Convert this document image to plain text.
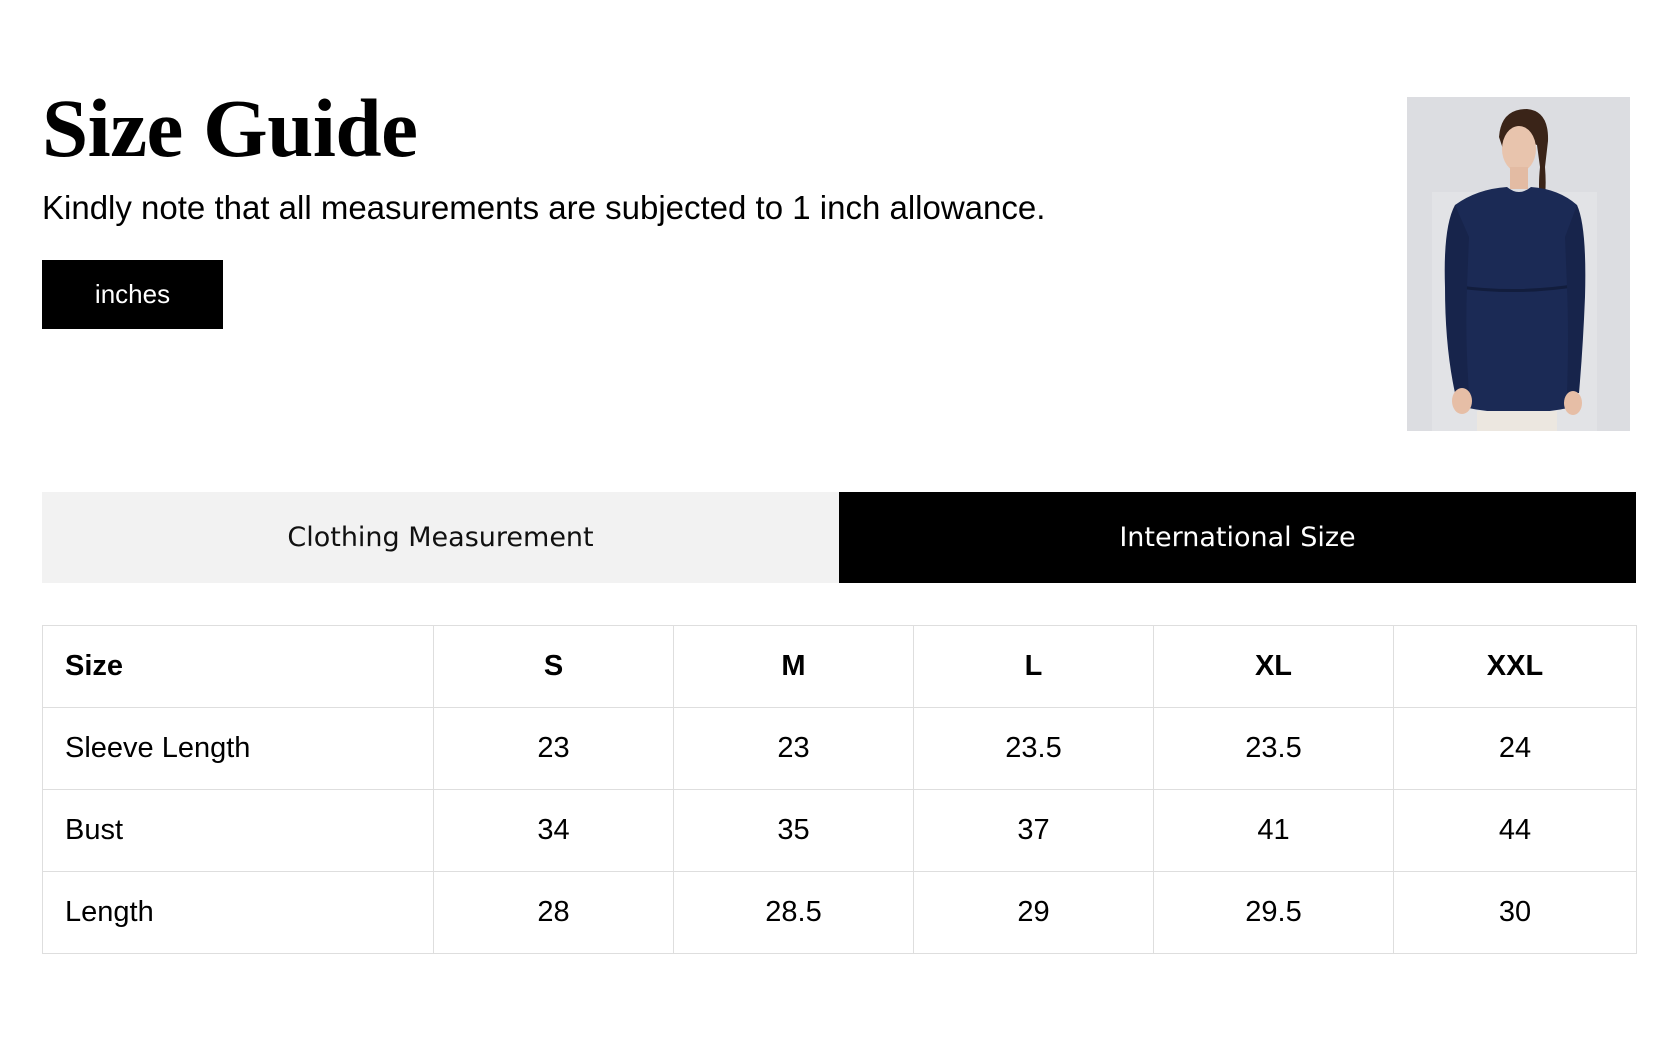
Size Guide
Kindly note that all measurements are subjected to 1 inch allowance.
inches
Clothing Measurement	International Size
Size	S	M	L	XL	XXL
Sleeve Length	23	23	23.5	23.5	24
Bust	34	35	37	41	44
Length	28	28.5	29	29.5	30
